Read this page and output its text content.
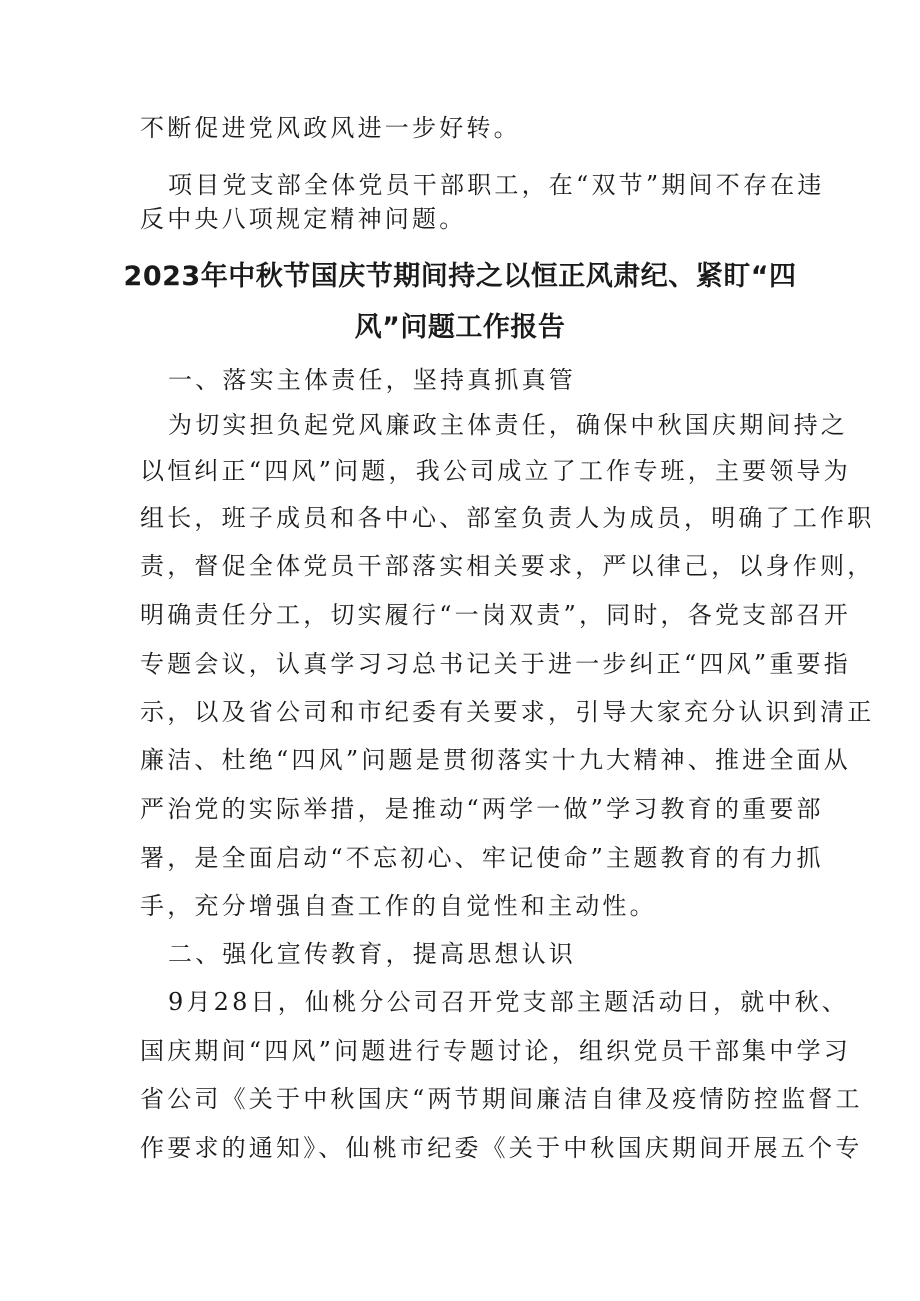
不断促进党风政风进一步好转。
项目党支部全体党员干部职工，在“双节”期间不存在违
反中央八项规定精神问题。
2023年中秋节国庆节期间持之以恒正风肃纪、紧盯“四
风”问题工作报告
一、落实主体责任，坚持真抓真管
为切实担负起党风廉政主体责任，确保中秋国庆期间持之
以恒纠正“四风”问题，我公司成立了工作专班，主要领导为
组长，班子成员和各中心、部室负责人为成员，明确了工作职
责，督促全体党员干部落实相关要求，严以律己，以身作则，
明确责任分工，切实履行“一岗双责”，同时，各党支部召开
专题会议，认真学习习总书记关于进一步纠正“四风”重要指
示，以及省公司和市纪委有关要求，引导大家充分认识到清正
廉洁、杜绝“四风”问题是贯彻落实十九大精神、推进全面从
严治党的实际举措，是推动“两学一做”学习教育的重要部
署，是全面启动“不忘初心、牢记使命”主题教育的有力抓
手，充分增强自查工作的自觉性和主动性。
二、强化宣传教育，提高思想认识
9月28日，仙桃分公司召开党支部主题活动日，就中秋、
国庆期间“四风”问题进行专题讨论，组织党员干部集中学习
省公司《关于中秋国庆“两节期间廉洁自律及疫情防控监督工
作要求的通知》、仙桃市纪委《关于中秋国庆期间开展五个专
